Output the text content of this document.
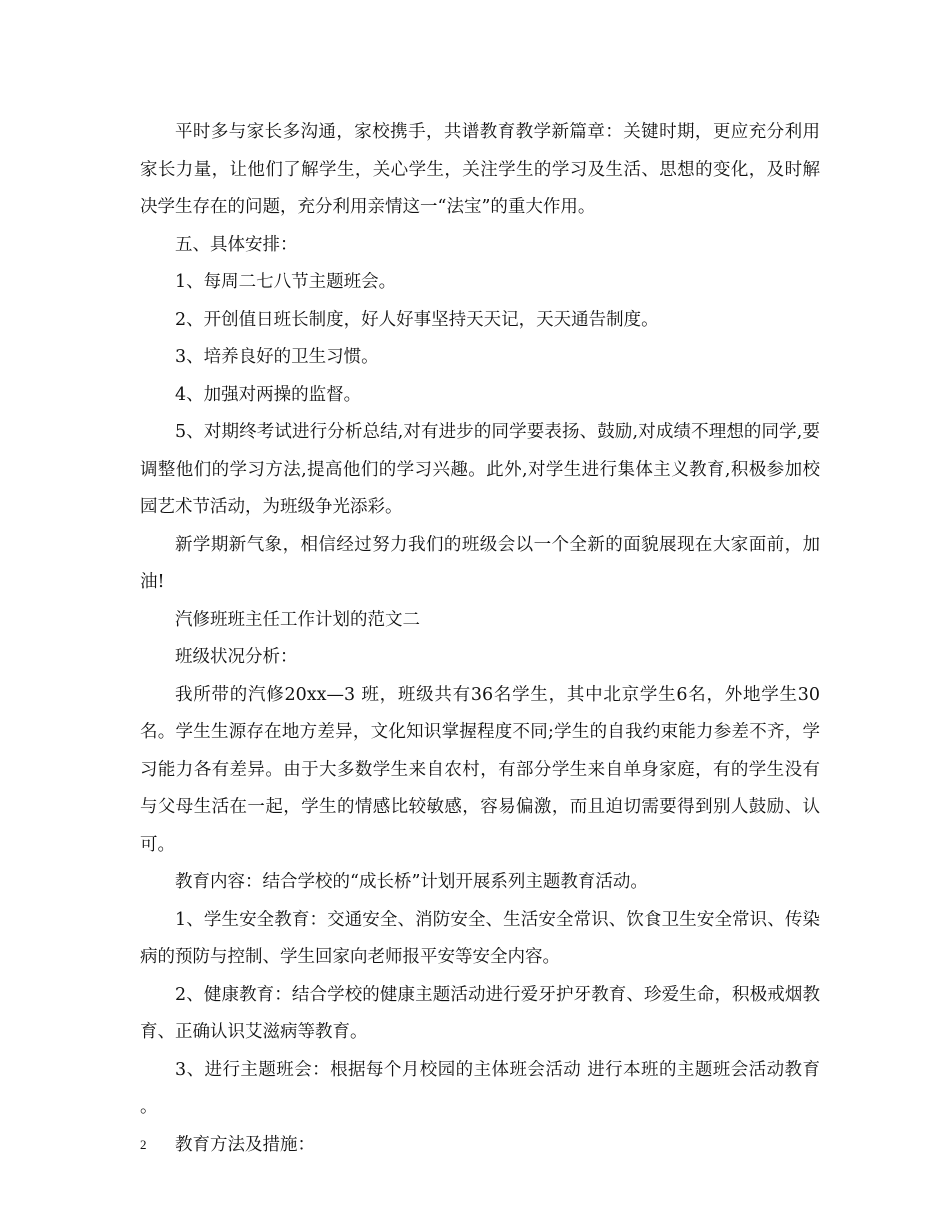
平时多与家长多沟通，家校携手，共谱教育教学新篇章：关键时期，更应充分利用家长力量，让他们了解学生，关心学生，关注学生的学习及生活、思想的变化，及时解决学生存在的问题，充分利用亲情这一“法宝”的重大作用。

五、具体安排：

1、每周二七八节主题班会。

2、开创值日班长制度，好人好事坚持天天记，天天通告制度。

3、培养良好的卫生习惯。

4、加强对两操的监督。

5、对期终考试进行分析总结,对有进步的同学要表扬、鼓励,对成绩不理想的同学,要调整他们的学习方法,提高他们的学习兴趣。此外,对学生进行集体主义教育,积极参加校园艺术节活动，为班级争光添彩。

新学期新气象，相信经过努力我们的班级会以一个全新的面貌展现在大家面前，加油!

汽修班班主任工作计划的范文二

班级状况分析：

我所带的汽修20xx—3 班，班级共有36名学生，其中北京学生6名，外地学生30名。学生生源存在地方差异，文化知识掌握程度不同;学生的自我约束能力参差不齐，学习能力各有差异。由于大多数学生来自农村，有部分学生来自单身家庭，有的学生没有与父母生活在一起，学生的情感比较敏感，容易偏激，而且迫切需要得到别人鼓励、认可。

教育内容：结合学校的“成长桥”计划开展系列主题教育活动。

1、学生安全教育：交通安全、消防安全、生活安全常识、饮食卫生安全常识、传染病的预防与控制、学生回家向老师报平安等安全内容。

2、健康教育：结合学校的健康主题活动进行爱牙护牙教育、珍爱生命，积极戒烟教育、正确认识艾滋病等教育。

3、进行主题班会：根据每个月校园的主体班会活动 进行本班的主题班会活动教育 。

教育方法及措施：

2
